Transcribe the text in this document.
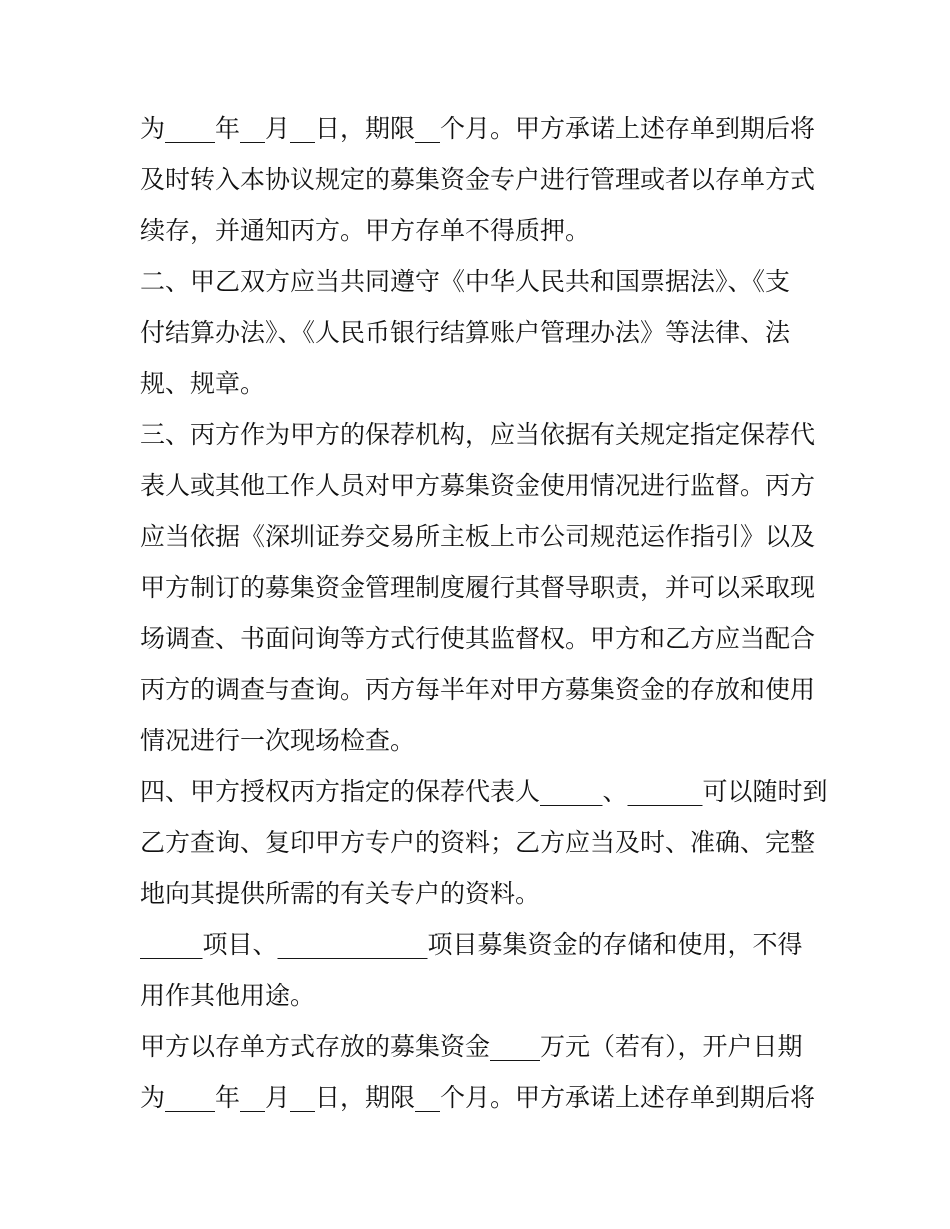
为____年__月__日，期限__个月。甲方承诺上述存单到期后将
及时转入本协议规定的募集资金专户进行管理或者以存单方式
续存，并通知丙方。甲方存单不得质押。
二、甲乙双方应当共同遵守《中华人民共和国票据法》、《支
付结算办法》、《人民币银行结算账户管理办法》等法律、法
规、规章。
三、丙方作为甲方的保荐机构，应当依据有关规定指定保荐代
表人或其他工作人员对甲方募集资金使用情况进行监督。丙方
应当依据《深圳证券交易所主板上市公司规范运作指引》以及
甲方制订的募集资金管理制度履行其督导职责，并可以采取现
场调查、书面问询等方式行使其监督权。甲方和乙方应当配合
丙方的调查与查询。丙方每半年对甲方募集资金的存放和使用
情况进行一次现场检查。
四、甲方授权丙方指定的保荐代表人_____、______可以随时到
乙方查询、复印甲方专户的资料；乙方应当及时、准确、完整
地向其提供所需的有关专户的资料。
_____项目、____________项目募集资金的存储和使用，不得
用作其他用途。
甲方以存单方式存放的募集资金____万元（若有），开户日期
为____年__月__日，期限__个月。甲方承诺上述存单到期后将
